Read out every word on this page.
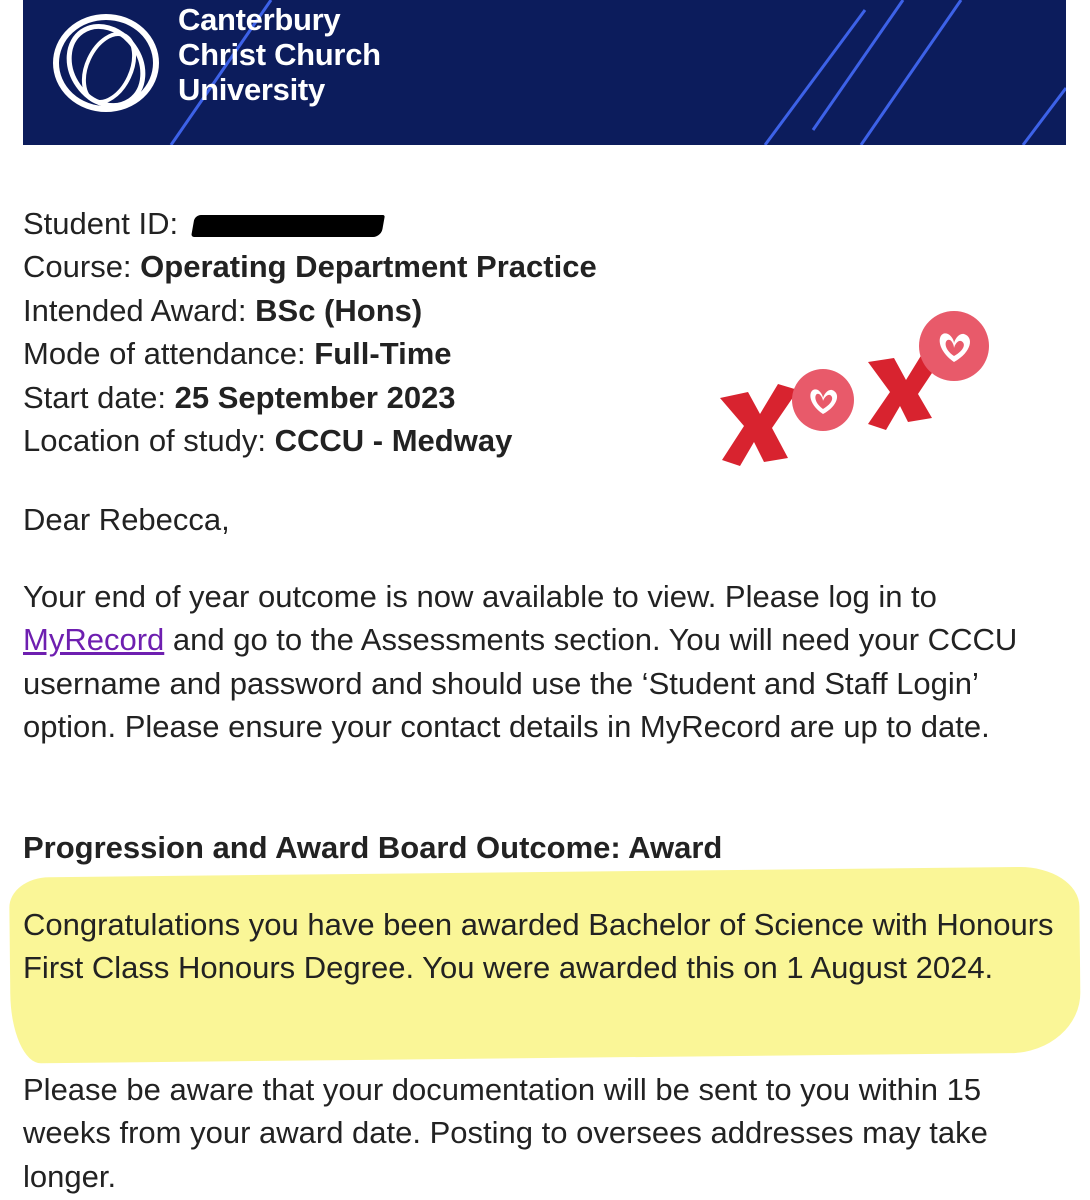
Canterbury
Christ Church
University
Student ID:
Course: Operating Department Practice
Intended Award: BSc (Hons)
Mode of attendance: Full-Time
Start date: 25 September 2023
Location of study: CCCU - Medway
Dear Rebecca,
Your end of year outcome is now available to view. Please log in to MyRecord and go to the Assessments section. You will need your CCCU username and password and should use the ‘Student and Staff Login’ option. Please ensure your contact details in MyRecord are up to date.
Progression and Award Board Outcome: Award
Congratulations you have been awarded Bachelor of Science with Honours First Class Honours Degree. You were awarded this on 1 August 2024.
Please be aware that your documentation will be sent to you within 15 weeks from your award date. Posting to oversees addresses may take longer.
